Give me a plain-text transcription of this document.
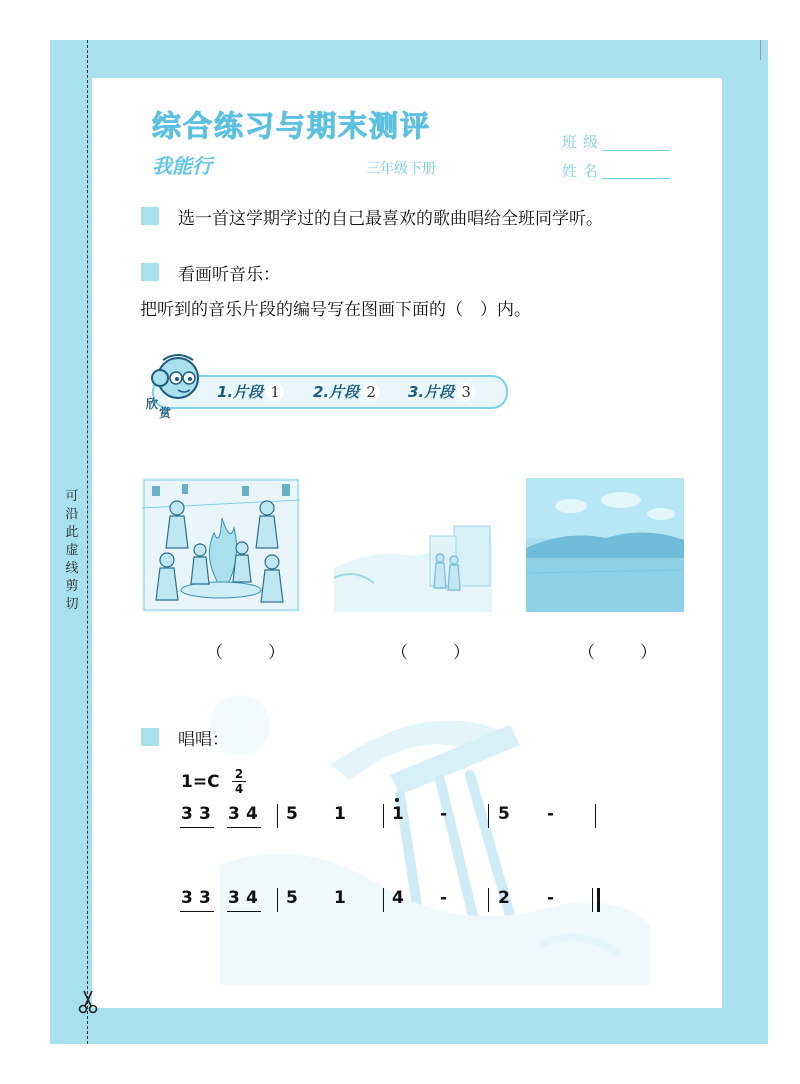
可
沿
此
虚
线
剪
切
综合练习与期末测评
我能行	三年级下册
班级
姓名
选一首这学期学过的自己最喜欢的歌曲唱给全班同学听。
看画听音乐：
把听到的音乐片段的编号写在图画下面的（　）内。
欣
赏
1.片段 1 2.片段 2 3.片段 3
（　）	（　）	（　）
唱唱：
1=C 2
4
3 3 3 4 5 1	1 -	5 -
3 3 3 4 5 1	4 -	2 -
